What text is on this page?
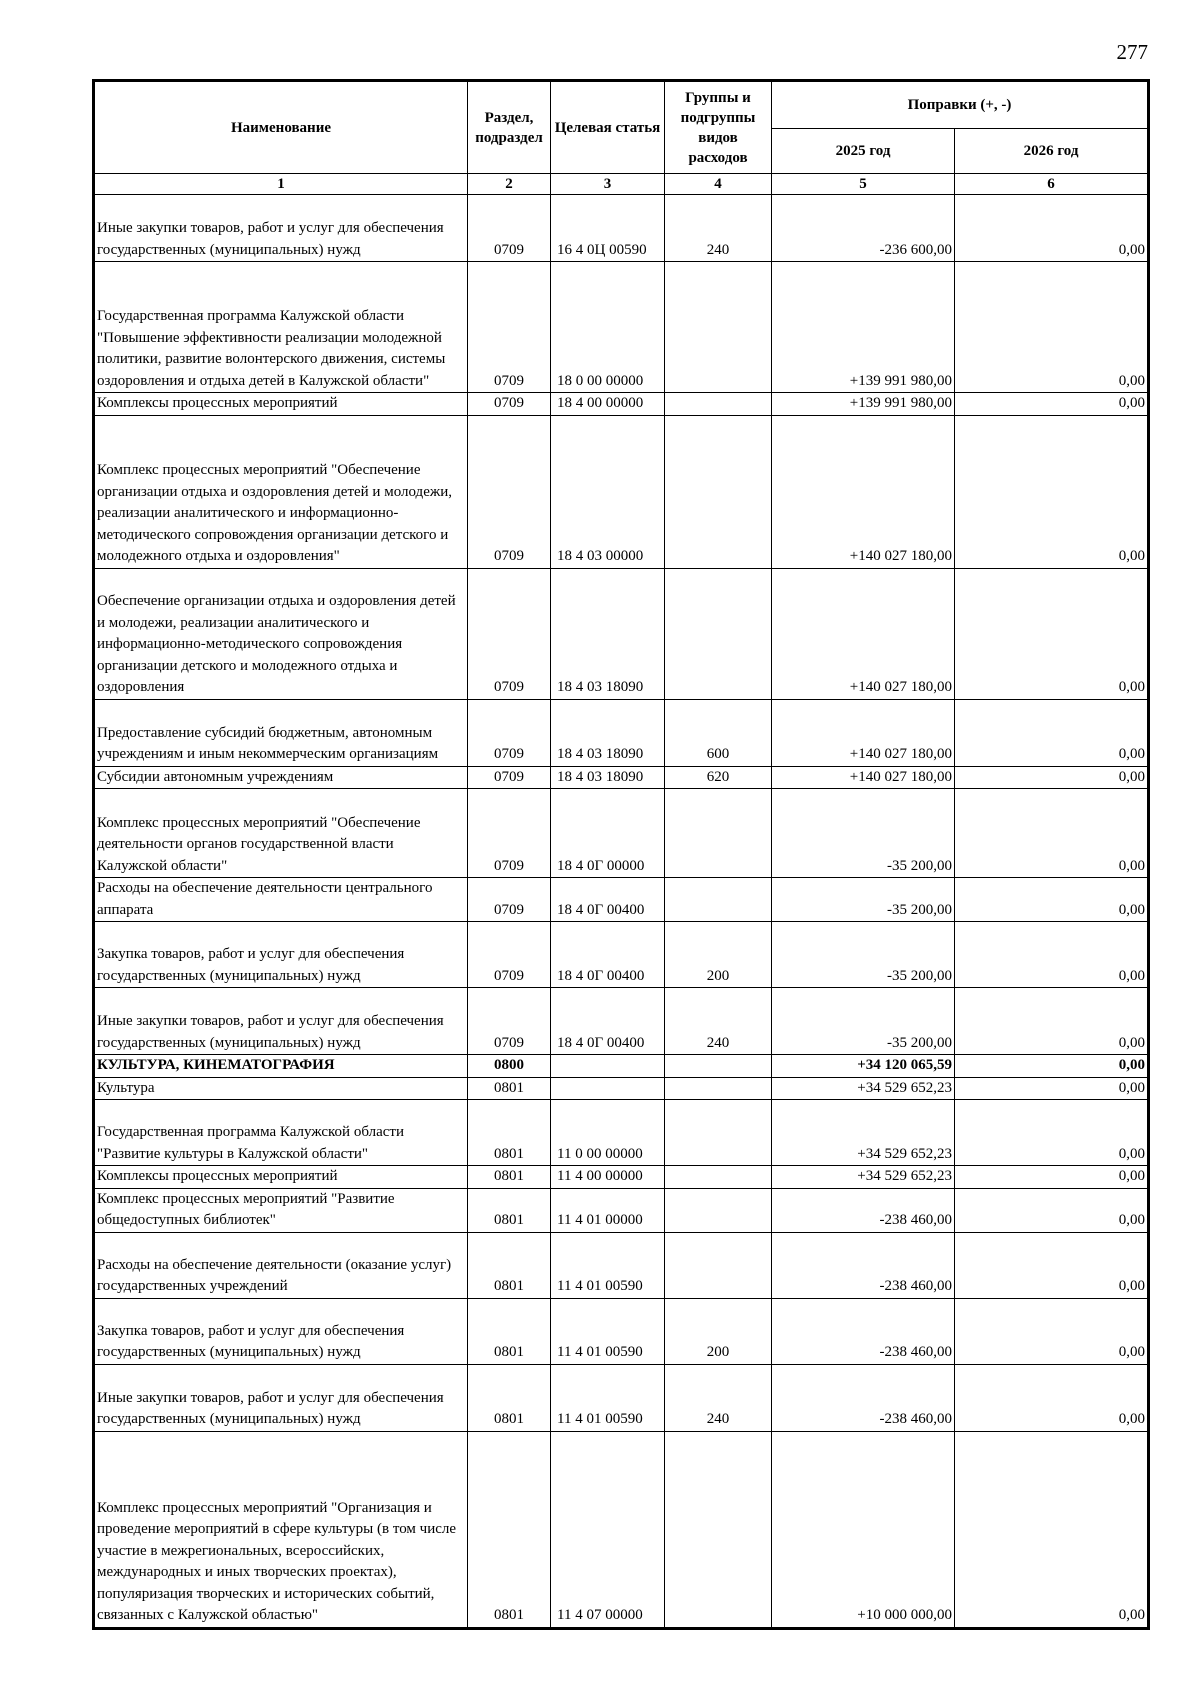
277
Наименование	Раздел, подраздел	Целевая статья	Группы и подгруппы видов расходов	Поправки (+, -)	
				2025 год	2026 год
1	2	3	4	5	6
Иные закупки товаров, работ и услуг для обеспечения государственных (муниципальных) нужд	0709	16 4 0Ц 00590	240	-236 600,00	0,00
Государственная программа Калужской области "Повышение эффективности реализации молодежной политики, развитие волонтерского движения, системы оздоровления и отдыха детей в Калужской области"	0709	18 0 00 00000		+139 991 980,00	0,00
Комплексы процессных мероприятий	0709	18 4 00 00000		+139 991 980,00	0,00
Комплекс процессных мероприятий "Обеспечение организации отдыха и оздоровления детей и молодежи, реализации аналитического и информационно-методического сопровождения организации детского и молодежного отдыха и оздоровления"	0709	18 4 03 00000		+140 027 180,00	0,00
Обеспечение организации отдыха и оздоровления детей и молодежи, реализации аналитического и информационно-методического сопровождения организации детского и молодежного отдыха и оздоровления	0709	18 4 03 18090		+140 027 180,00	0,00
Предоставление субсидий бюджетным, автономным учреждениям и иным некоммерческим организациям	0709	18 4 03 18090	600	+140 027 180,00	0,00
Субсидии автономным учреждениям	0709	18 4 03 18090	620	+140 027 180,00	0,00
Комплекс процессных мероприятий "Обеспечение деятельности органов государственной власти Калужской области"	0709	18 4 0Г 00000		-35 200,00	0,00
Расходы на обеспечение деятельности центрального аппарата	0709	18 4 0Г 00400		-35 200,00	0,00
Закупка товаров, работ и услуг для обеспечения государственных (муниципальных) нужд	0709	18 4 0Г 00400	200	-35 200,00	0,00
Иные закупки товаров, работ и услуг для обеспечения государственных (муниципальных) нужд	0709	18 4 0Г 00400	240	-35 200,00	0,00
КУЛЬТУРА, КИНЕМАТОГРАФИЯ	0800			+34 120 065,59	0,00
Культура	0801			+34 529 652,23	0,00
Государственная программа Калужской области "Развитие культуры в Калужской области"	0801	11 0 00 00000		+34 529 652,23	0,00
Комплексы процессных мероприятий	0801	11 4 00 00000		+34 529 652,23	0,00
Комплекс процессных мероприятий "Развитие общедоступных библиотек"	0801	11 4 01 00000		-238 460,00	0,00
Расходы на обеспечение деятельности (оказание услуг) государственных учреждений	0801	11 4 01 00590		-238 460,00	0,00
Закупка товаров, работ и услуг для обеспечения государственных (муниципальных) нужд	0801	11 4 01 00590	200	-238 460,00	0,00
Иные закупки товаров, работ и услуг для обеспечения государственных (муниципальных) нужд	0801	11 4 01 00590	240	-238 460,00	0,00
Комплекс процессных мероприятий "Организация и проведение мероприятий в сфере культуры (в том числе участие в межрегиональных, всероссийских, международных и иных творческих проектах), популяризация творческих и исторических событий, связанных с Калужской областью"	0801	11 4 07 00000		+10 000 000,00	0,00
